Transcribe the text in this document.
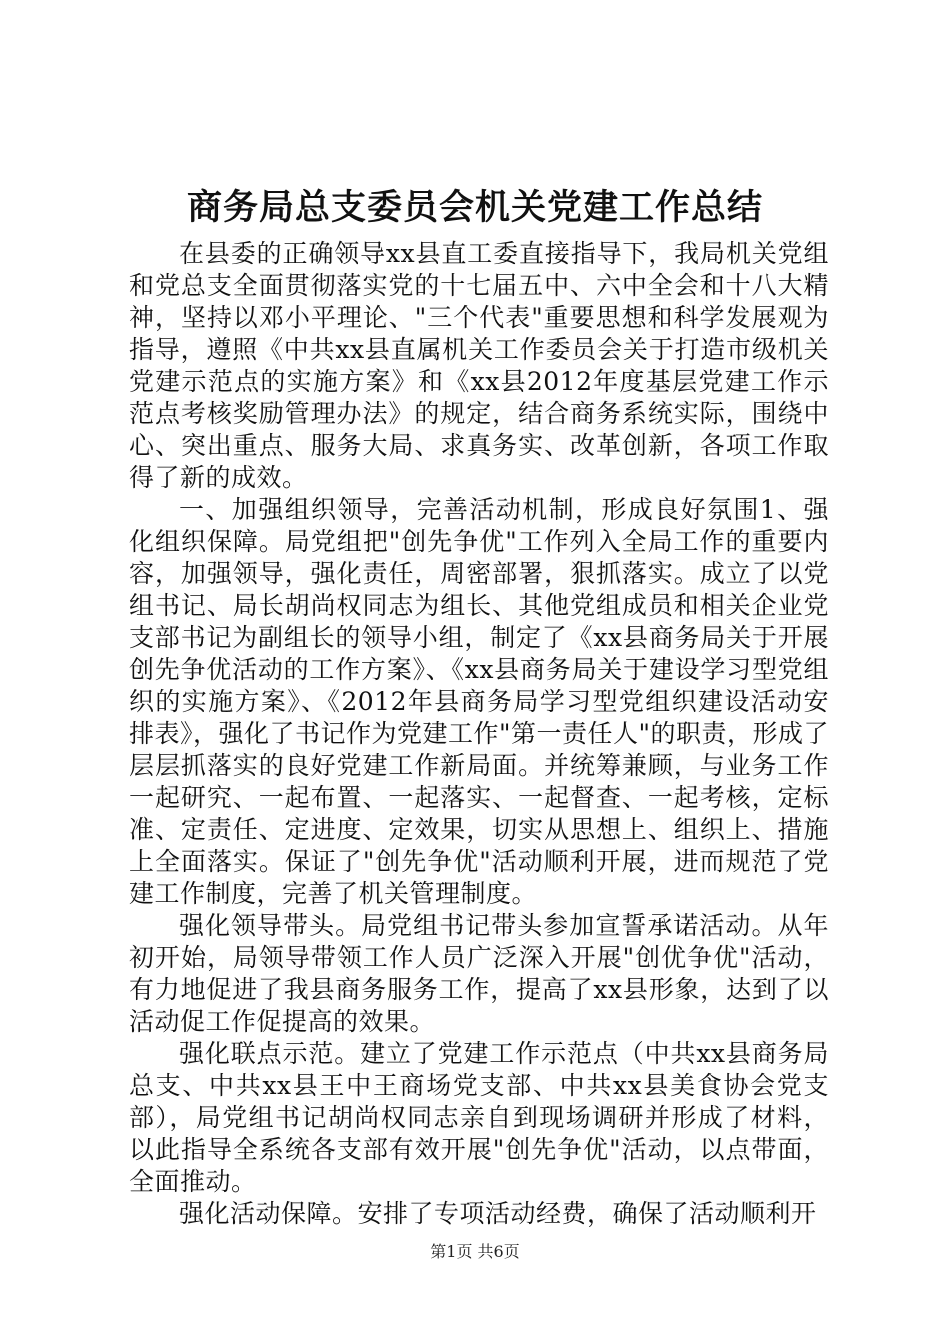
商务局总支委员会机关党建工作总结

在县委的正确领导xx县直工委直接指导下，我局机关党组和党总支全面贯彻落实党的十七届五中、六中全会和十八大精神，坚持以邓小平理论、"三个代表"重要思想和科学发展观为指导，遵照《中共xx县直属机关工作委员会关于打造市级机关党建示范点的实施方案》和《xx县2012年度基层党建工作示范点考核奖励管理办法》的规定，结合商务系统实际，围绕中心、突出重点、服务大局、求真务实、改革创新，各项工作取得了新的成效。

一、加强组织领导，完善活动机制，形成良好氛围1、强化组织保障。局党组把"创先争优"工作列入全局工作的重要内容，加强领导，强化责任，周密部署，狠抓落实。成立了以党组书记、局长胡尚权同志为组长、其他党组成员和相关企业党支部书记为副组长的领导小组，制定了《xx县商务局关于开展创先争优活动的工作方案》、《xx县商务局关于建设学习型党组织的实施方案》、《2012年县商务局学习型党组织建设活动安排表》，强化了书记作为党建工作"第一责任人"的职责，形成了层层抓落实的良好党建工作新局面。并统筹兼顾，与业务工作一起研究、一起布置、一起落实、一起督查、一起考核，定标准、定责任、定进度、定效果，切实从思想上、组织上、措施上全面落实。保证了"创先争优"活动顺利开展，进而规范了党建工作制度，完善了机关管理制度。

强化领导带头。局党组书记带头参加宣誓承诺活动。从年初开始，局领导带领工作人员广泛深入开展"创优争优"活动，有力地促进了我县商务服务工作，提高了xx县形象，达到了以活动促工作促提高的效果。

强化联点示范。建立了党建工作示范点（中共xx县商务局总支、中共xx县王中王商场党支部、中共xx县美食协会党支部），局党组书记胡尚权同志亲自到现场调研并形成了材料，以此指导全系统各支部有效开展"创先争优"活动，以点带面，全面推动。

强化活动保障。安排了专项活动经费，确保了活动顺利开

第1页 共6页
